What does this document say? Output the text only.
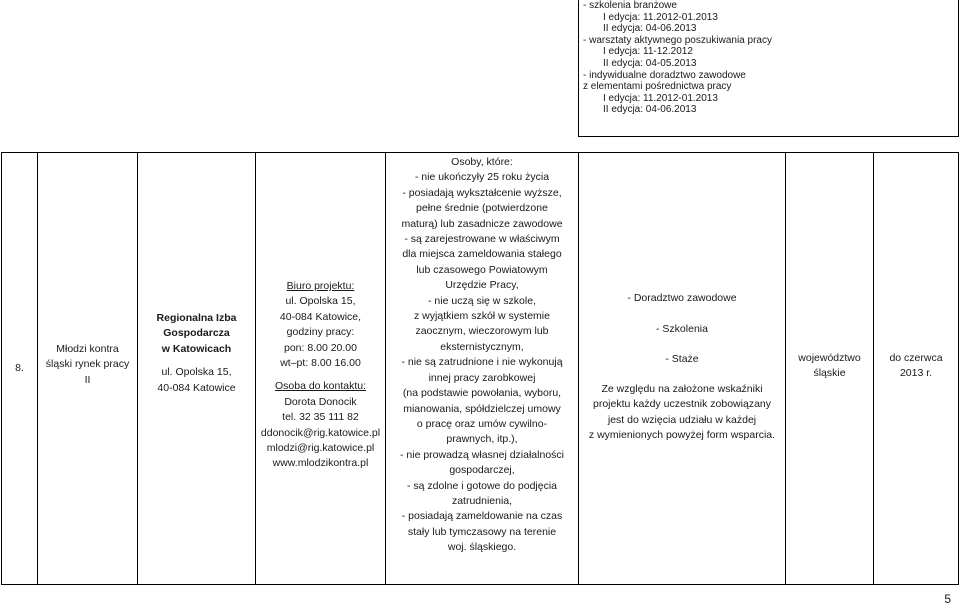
- szkolenia branżowe
I edycja: 11.2012-01.2013
II edycja: 04-06.2013
- warsztaty aktywnego poszukiwania pracy
I edycja: 11-12.2012
II edycja: 04-05.2013
- indywidualne doradztwo zawodowe
z elementami pośrednictwa pracy
I edycja: 11.2012-01.2013
II edycja: 04-06.2013
8.
Młodzi kontra
śląski rynek pracy
II
Regionalna Izba
Gospodarcza
w Katowicach
ul. Opolska 15,
40-084 Katowice
Biuro projektu:
ul. Opolska 15,
40-084 Katowice,
godziny pracy:
pon: 8.00 20.00
wt–pt: 8.00 16.00
Osoba do kontaktu:
Dorota Donocik
tel. 32 35 111 82
ddonocik@rig.katowice.pl
mlodzi@rig.katowice.pl
www.mlodzikontra.pl
Osoby, które:
- nie ukończyły 25 roku życia
- posiadają wykształcenie wyższe,
pełne średnie (potwierdzone
maturą) lub zasadnicze zawodowe
- są zarejestrowane w właściwym
dla miejsca zameldowania stałego
lub czasowego Powiatowym
Urzędzie Pracy,
- nie uczą się w szkole,
z wyjątkiem szkół w systemie
zaocznym, wieczorowym lub
eksternistycznym,
- nie są zatrudnione i nie wykonują
innej pracy zarobkowej
(na podstawie powołania, wyboru,
mianowania, spółdzielczej umowy
o pracę oraz umów cywilno-
prawnych, itp.),
- nie prowadzą własnej działalności
gospodarczej,
- są zdolne i gotowe do podjęcia
zatrudnienia,
- posiadają zameldowanie na czas
stały lub tymczasowy na terenie
woj. śląskiego.
- Doradztwo zawodowe
- Szkolenia
- Staże
Ze względu na założone wskaźniki
projektu każdy uczestnik zobowiązany
jest do wzięcia udziału w każdej
z wymienionych powyżej form wsparcia.
województwo
śląskie
do czerwca
2013 r.
5
